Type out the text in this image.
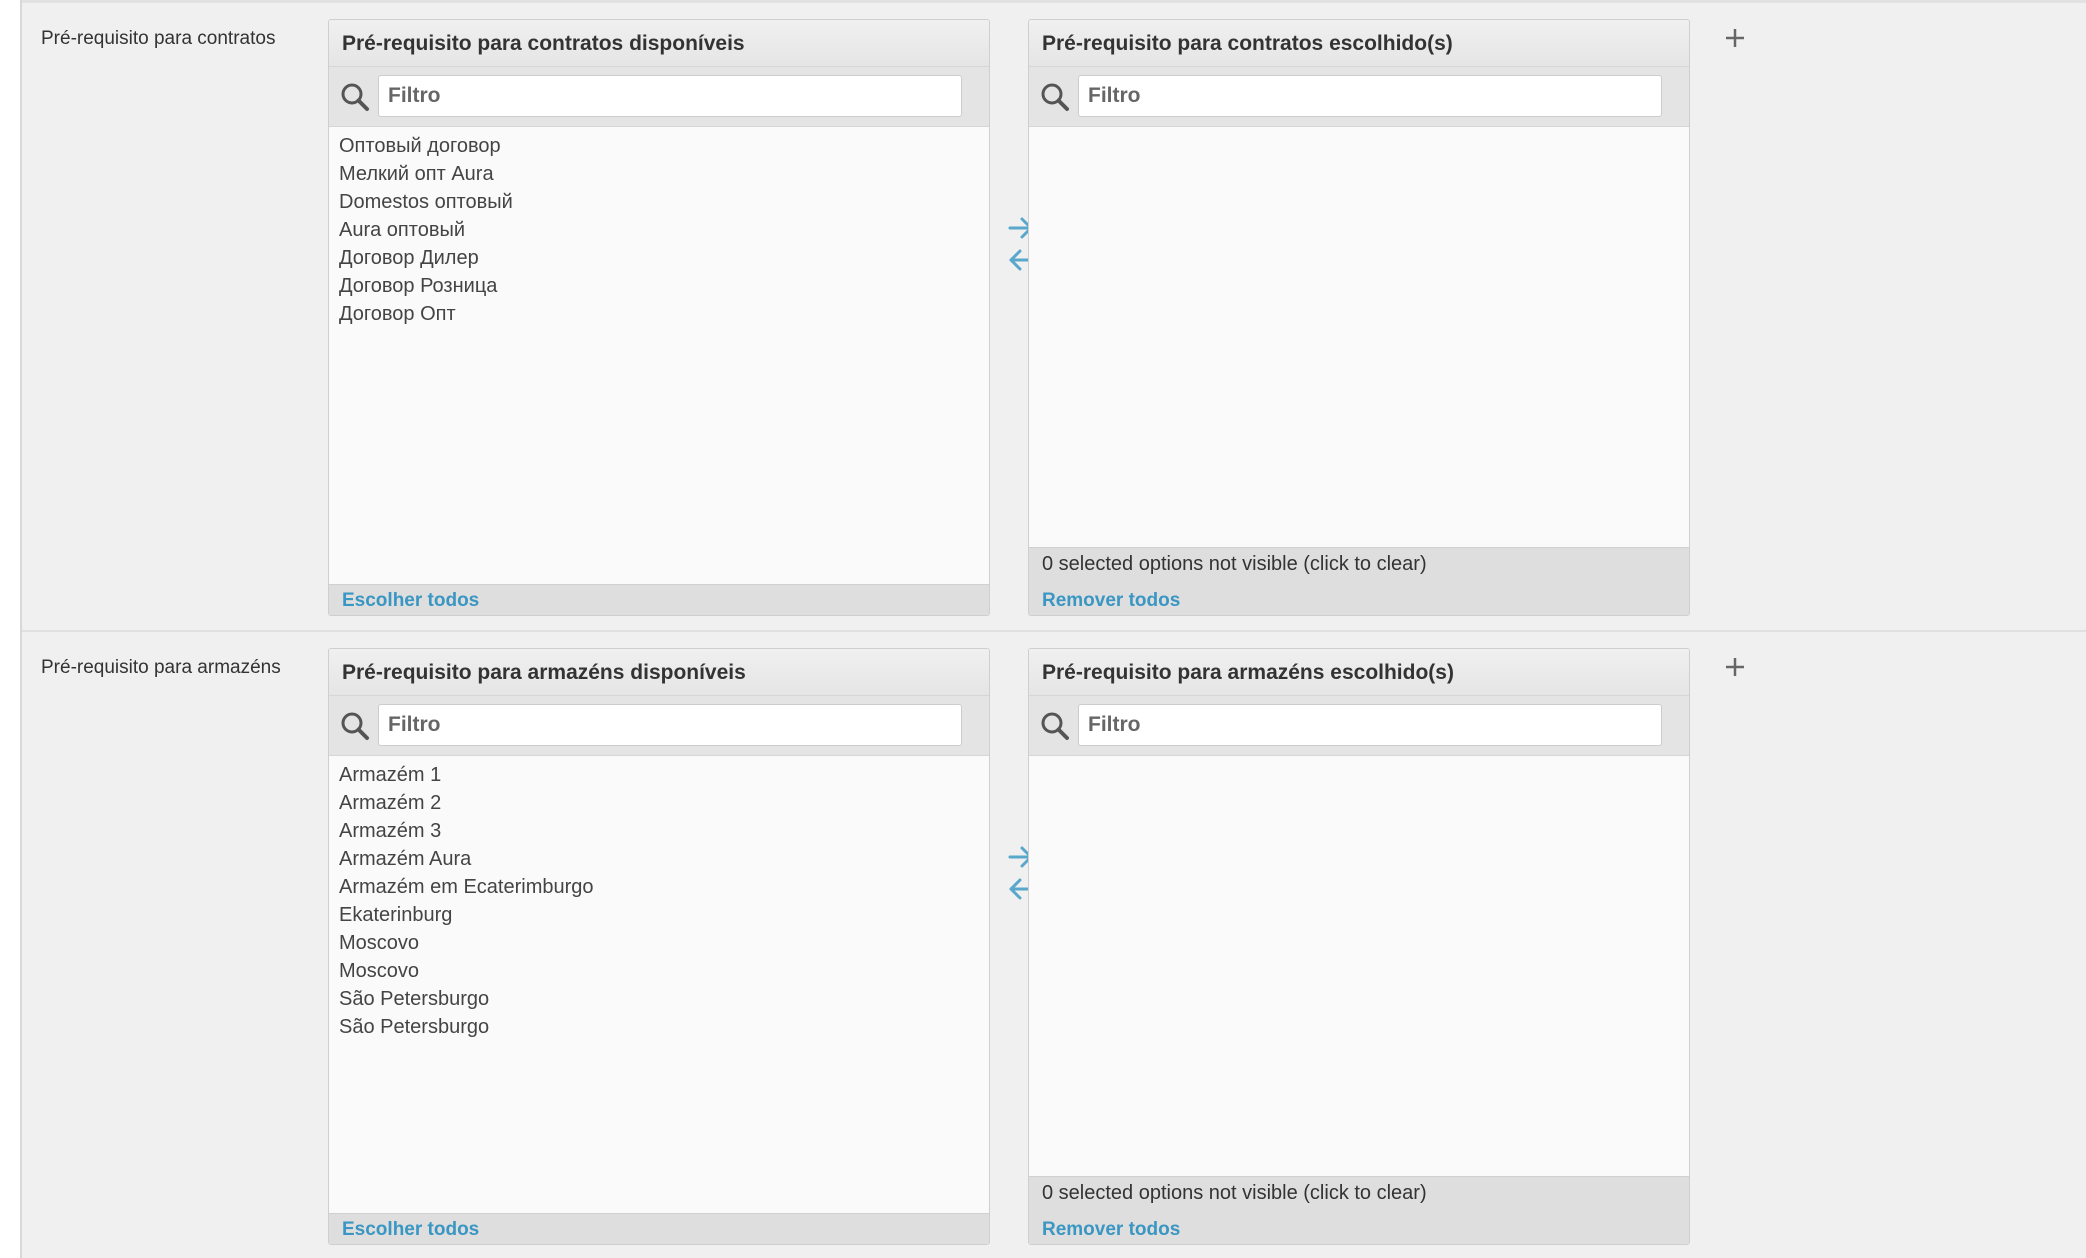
Pré-requisito para contratos	Pré-requisito para contratos disponíveis
Filtro
Оптовый договор
Мелкий опт Aura
Domestos оптовый
Aura оптовый
Договор Дилер
Договор Розница
Договор Опт
Escolher todos
Pré-requisito para contratos escolhido(s)
Filtro
0 selected options not visible (click to clear)
Remover todos
Pré-requisito para armazéns	Pré-requisito para armazéns disponíveis
Filtro
Armazém 1
Armazém 2
Armazém 3
Armazém Aura
Armazém em Ecaterimburgo
Ekaterinburg
Moscovo
Moscovo
São Petersburgo
São Petersburgo
Escolher todos
Pré-requisito para armazéns escolhido(s)
Filtro
0 selected options not visible (click to clear)
Remover todos
